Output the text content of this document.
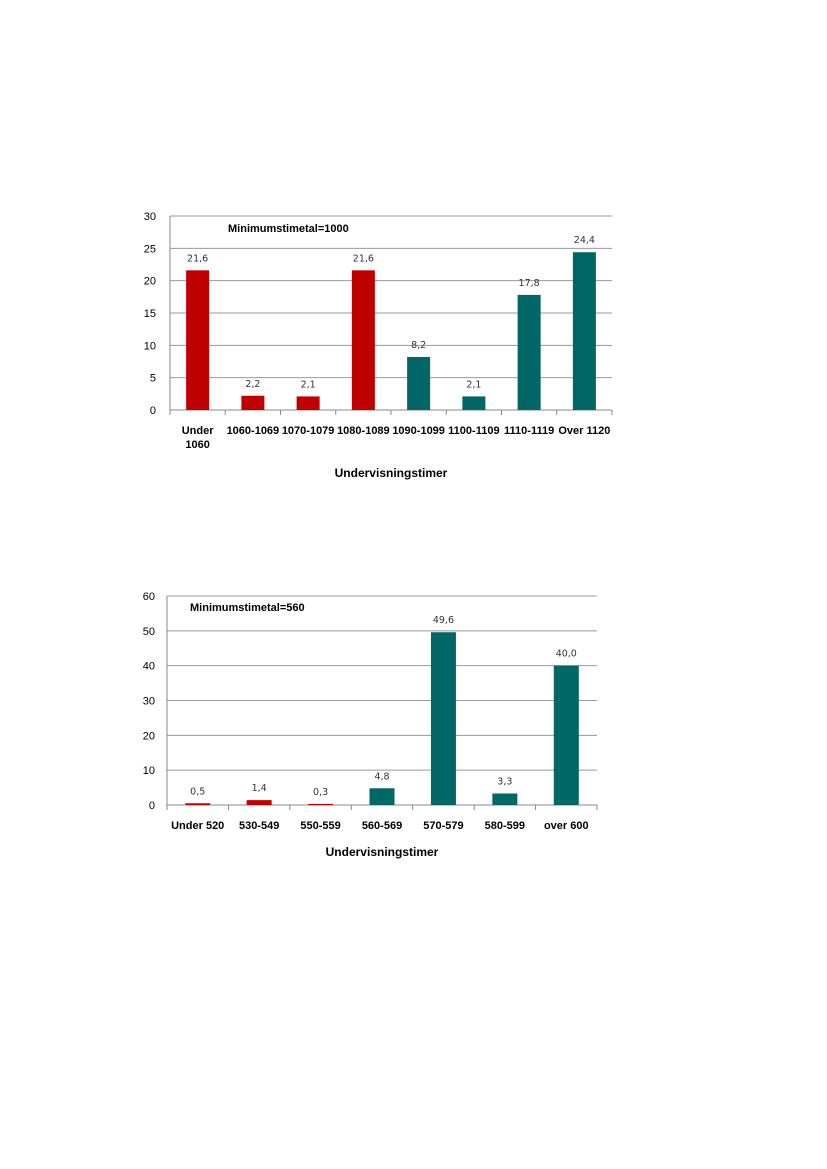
0
5
10
15
20
25
30
21,6
Under
1060
2,2
1060-1069
2,1
1070-1079
21,6
1080-1089
8,2
1090-1099
2,1
1100-1109
17,8
1110-1119
24,4
Over 1120
Minimumstimetal=1000
Undervisningstimer
0
10
20
30
40
50
60
0,5
Under 520
1,4
530-549
0,3
550-559
4,8
560-569
49,6
570-579
3,3
580-599
40,0
over 600
Minimumstimetal=560
Undervisningstimer
